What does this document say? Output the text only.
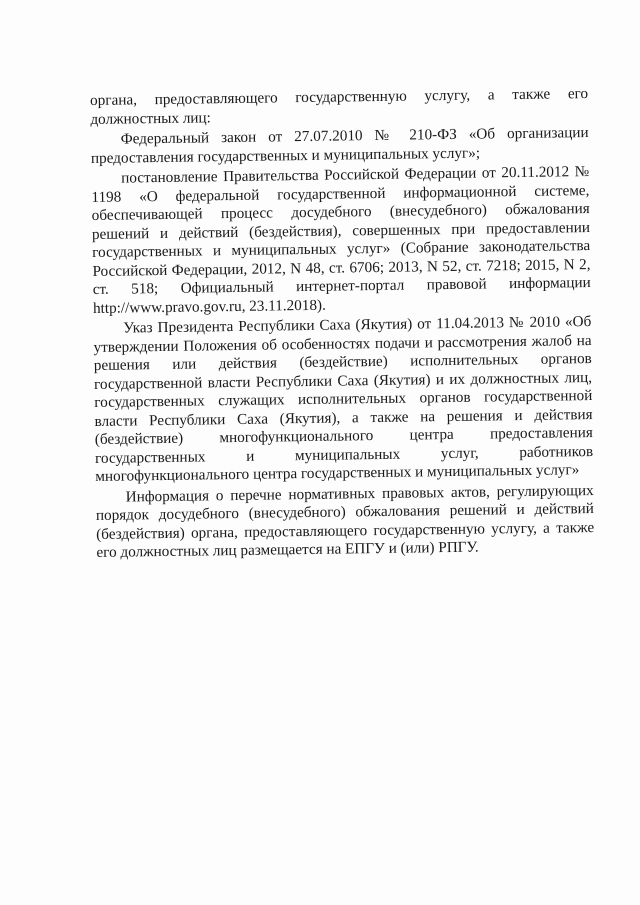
органа, предоставляющего государственную услугу, а также его должностных лиц:

Федеральный закон от 27.07.2010 № 210-ФЗ «Об организации предоставления государственных и муниципальных услуг»;

постановление Правительства Российской Федерации от 20.11.2012 № 1198 «О федеральной государственной информационной системе, обеспечивающей процесс досудебного (внесудебного) обжалования решений и действий (бездействия), совершенных при предоставлении государственных и муниципальных услуг» (Собрание законодательства Российской Федерации, 2012, N 48, ст. 6706; 2013, N 52, ст. 7218; 2015, N 2, ст. 518; Официальный интернет-портал правовой информации http://www.pravo.gov.ru, 23.11.2018).

Указ Президента Республики Саха (Якутия) от 11.04.2013 № 2010 «Об утверждении Положения об особенностях подачи и рассмотрения жалоб на решения или действия (бездействие) исполнительных органов государственной власти Республики Саха (Якутия) и их должностных лиц, государственных служащих исполнительных органов государственной власти Республики Саха (Якутия), а также на решения и действия (бездействие) многофункционального центра предоставления государственных и муниципальных услуг, работников многофункционального центра государственных и муниципальных услуг»

Информация о перечне нормативных правовых актов, регулирующих порядок досудебного (внесудебного) обжалования решений и действий (бездействия) органа, предоставляющего государственную услугу, а также его должностных лиц размещается на ЕПГУ и (или) РПГУ.
